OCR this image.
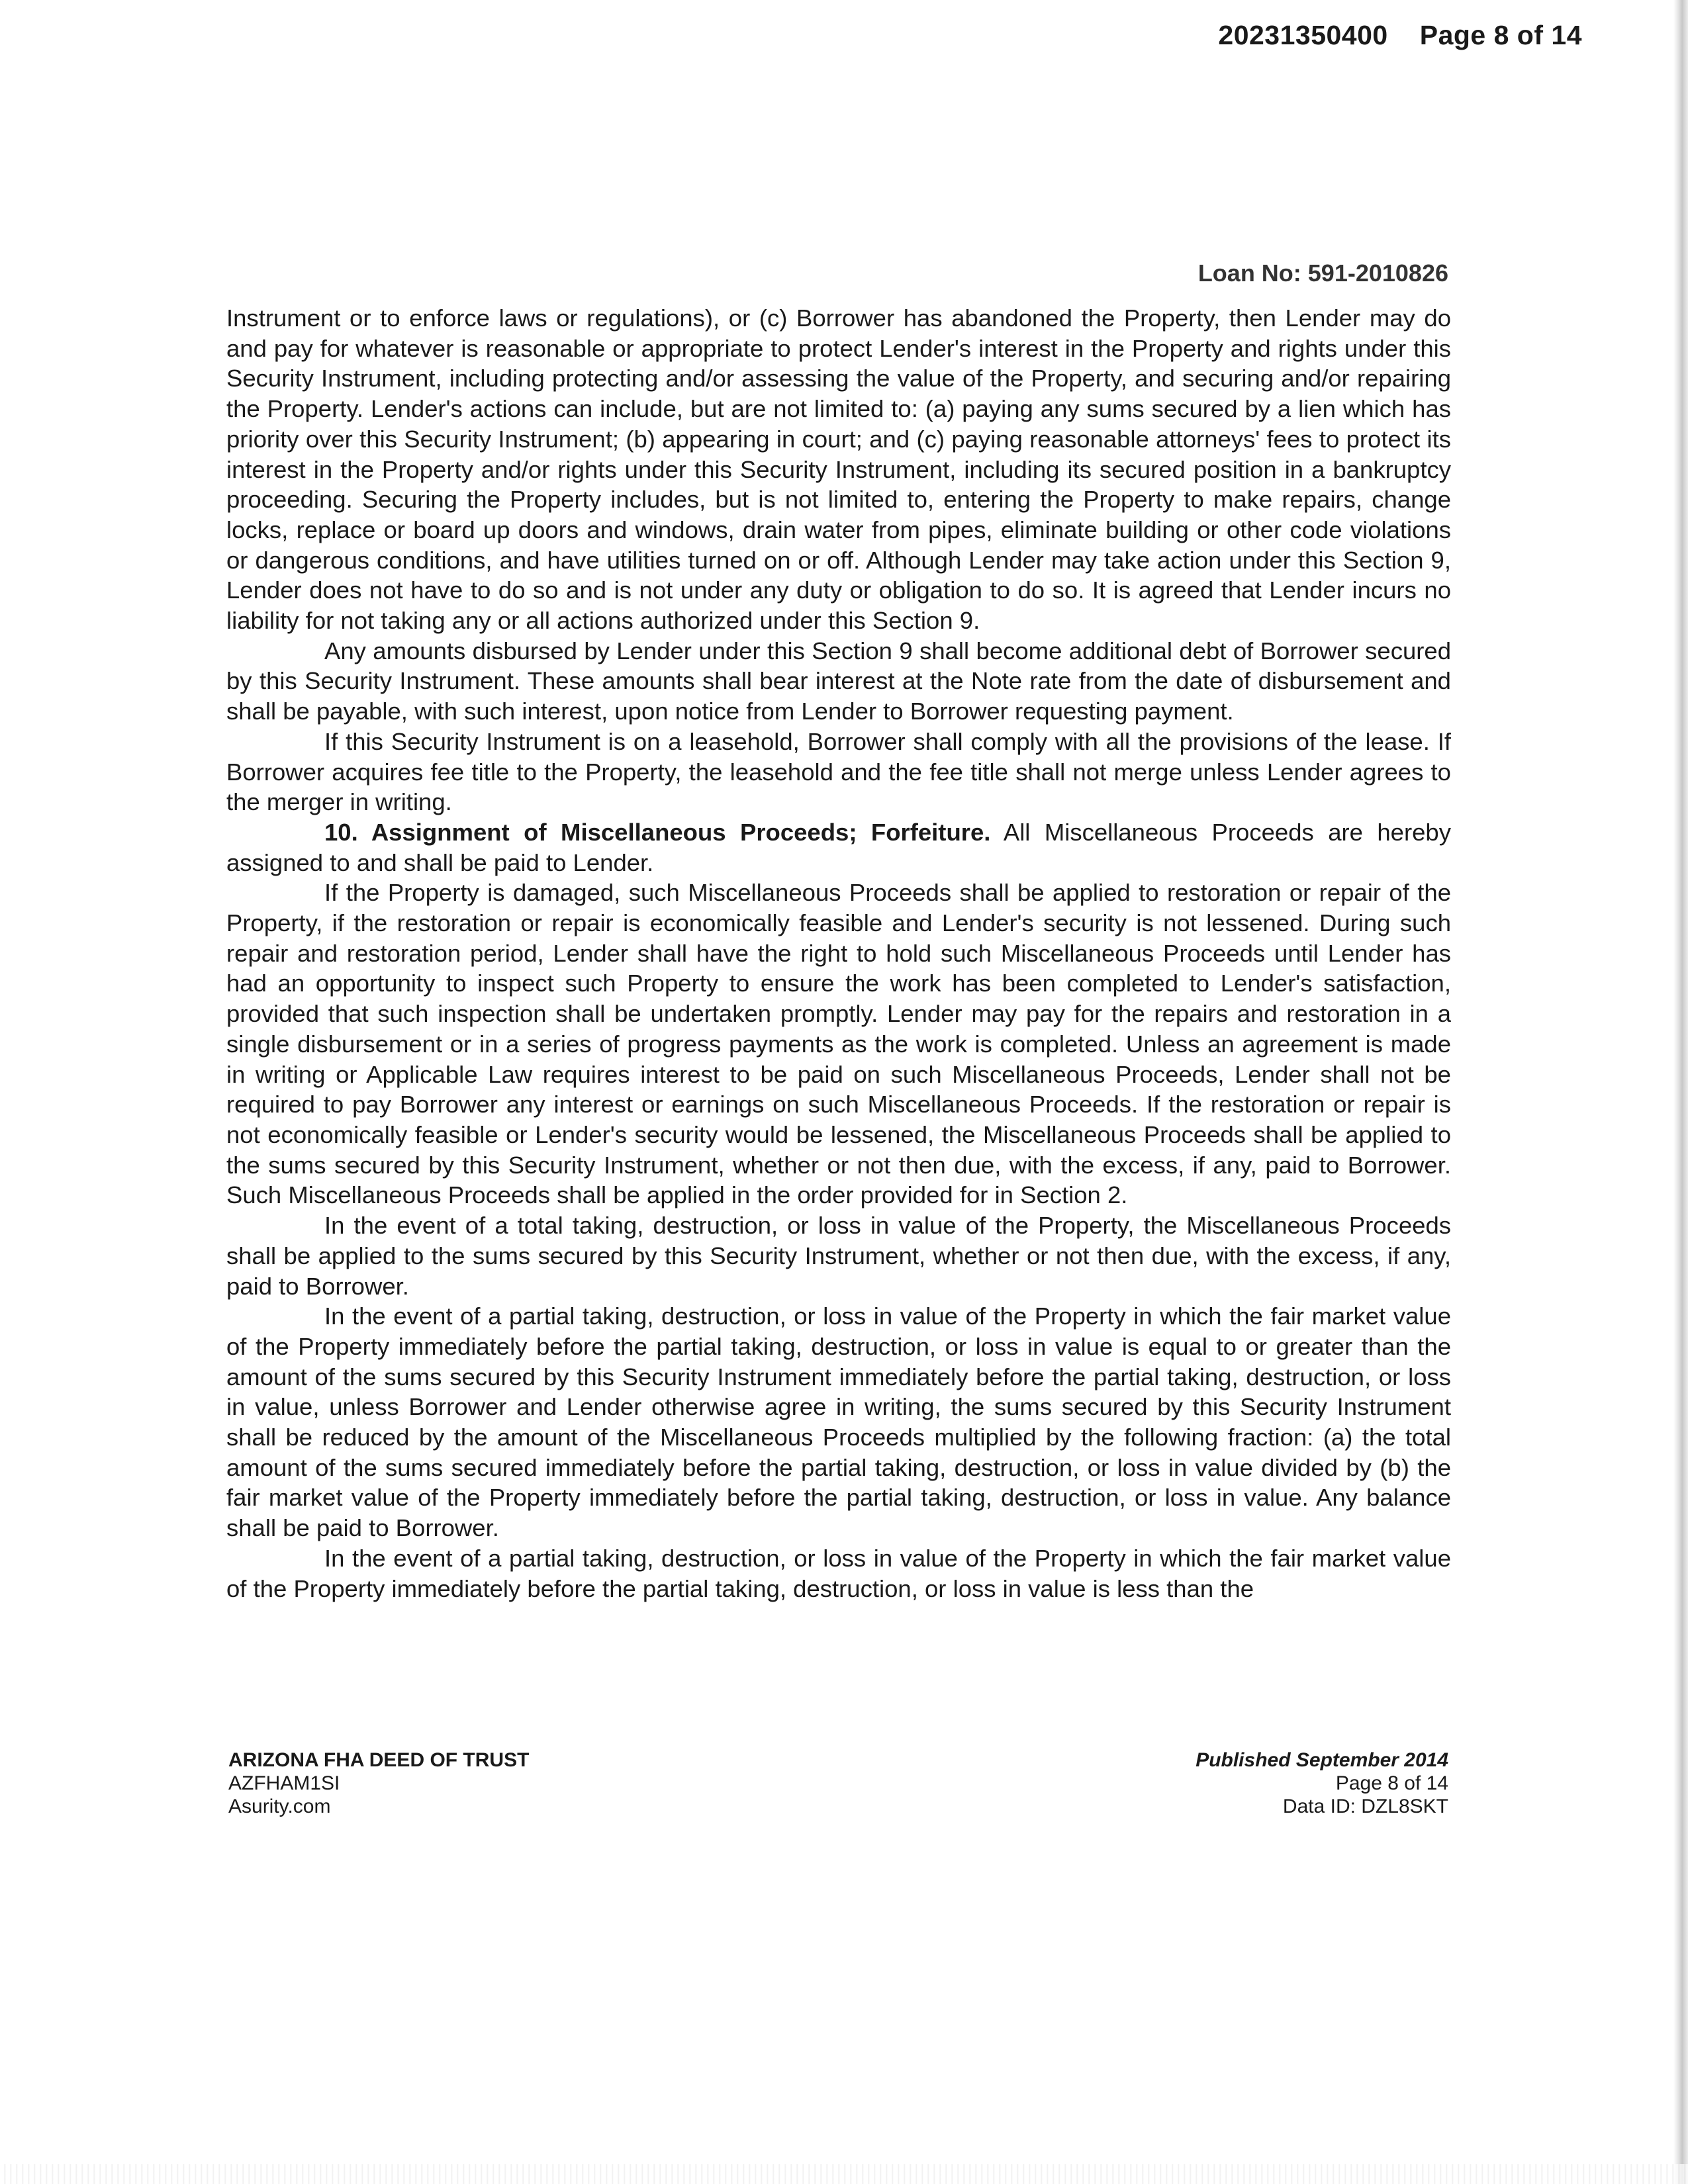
20231350400 Page 8 of 14
Loan No: 591-2010826

Instrument or to enforce laws or regulations), or (c) Borrower has abandoned the Property, then Lender may do and pay for whatever is reasonable or appropriate to protect Lender's interest in the Property and rights under this Security Instrument, including protecting and/or assessing the value of the Property, and securing and/or repairing the Property. Lender's actions can include, but are not limited to: (a) paying any sums secured by a lien which has priority over this Security Instrument; (b) appearing in court; and (c) paying reasonable attorneys' fees to protect its interest in the Property and/or rights under this Security Instrument, including its secured position in a bankruptcy proceeding. Securing the Property includes, but is not limited to, entering the Property to make repairs, change locks, replace or board up doors and windows, drain water from pipes, eliminate building or other code violations or dangerous conditions, and have utilities turned on or off. Although Lender may take action under this Section 9, Lender does not have to do so and is not under any duty or obligation to do so. It is agreed that Lender incurs no liability for not taking any or all actions authorized under this Section 9.

Any amounts disbursed by Lender under this Section 9 shall become additional debt of Borrower secured by this Security Instrument. These amounts shall bear interest at the Note rate from the date of disbursement and shall be payable, with such interest, upon notice from Lender to Borrower requesting payment.

If this Security Instrument is on a leasehold, Borrower shall comply with all the provisions of the lease. If Borrower acquires fee title to the Property, the leasehold and the fee title shall not merge unless Lender agrees to the merger in writing.

10. Assignment of Miscellaneous Proceeds; Forfeiture. All Miscellaneous Proceeds are hereby assigned to and shall be paid to Lender.

If the Property is damaged, such Miscellaneous Proceeds shall be applied to restoration or repair of the Property, if the restoration or repair is economically feasible and Lender's security is not lessened. During such repair and restoration period, Lender shall have the right to hold such Miscellaneous Proceeds until Lender has had an opportunity to inspect such Property to ensure the work has been completed to Lender's satisfaction, provided that such inspection shall be undertaken promptly. Lender may pay for the repairs and restoration in a single disbursement or in a series of progress payments as the work is completed. Unless an agreement is made in writing or Applicable Law requires interest to be paid on such Miscellaneous Proceeds, Lender shall not be required to pay Borrower any interest or earnings on such Miscellaneous Proceeds. If the restoration or repair is not economically feasible or Lender's security would be lessened, the Miscellaneous Proceeds shall be applied to the sums secured by this Security Instrument, whether or not then due, with the excess, if any, paid to Borrower. Such Miscellaneous Proceeds shall be applied in the order provided for in Section 2.

In the event of a total taking, destruction, or loss in value of the Property, the Miscellaneous Proceeds shall be applied to the sums secured by this Security Instrument, whether or not then due, with the excess, if any, paid to Borrower.

In the event of a partial taking, destruction, or loss in value of the Property in which the fair market value of the Property immediately before the partial taking, destruction, or loss in value is equal to or greater than the amount of the sums secured by this Security Instrument immediately before the partial taking, destruction, or loss in value, unless Borrower and Lender otherwise agree in writing, the sums secured by this Security Instrument shall be reduced by the amount of the Miscellaneous Proceeds multiplied by the following fraction: (a) the total amount of the sums secured immediately before the partial taking, destruction, or loss in value divided by (b) the fair market value of the Property immediately before the partial taking, destruction, or loss in value. Any balance shall be paid to Borrower.

In the event of a partial taking, destruction, or loss in value of the Property in which the fair market value of the Property immediately before the partial taking, destruction, or loss in value is less than the

ARIZONA FHA DEED OF TRUST
AZFHAM1SI
Asurity.com
Published September 2014
Page 8 of 14
Data ID: DZL8SKT
